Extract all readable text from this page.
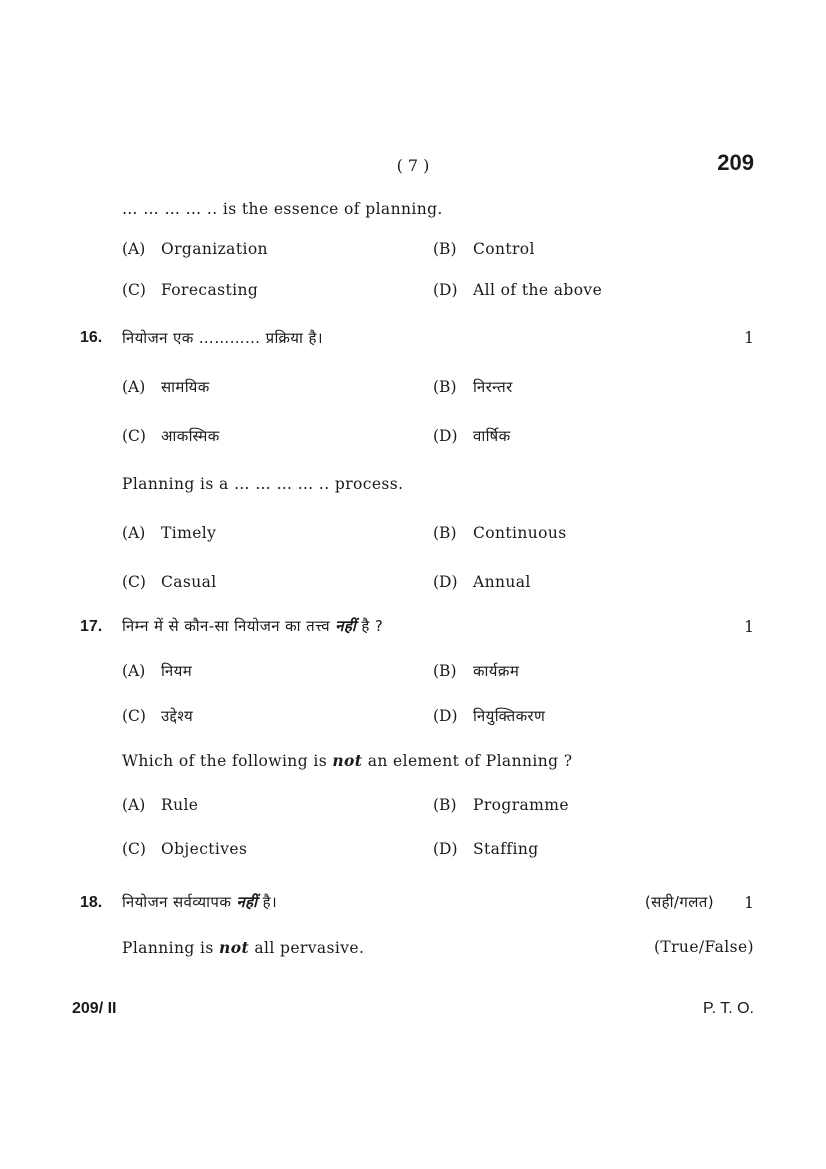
( 7 )	209
… … … … .. is the essence of planning.
(A) Organization	(B) Control
(C) Forecasting	(D) All of the above
16. नियोजन एक ………… प्रक्रिया है।	1
(A) सामयिक	(B) निरन्तर
(C) आकस्मिक	(D) वार्षिक
Planning is a … … … … .. process.
(A) Timely	(B) Continuous
(C) Casual	(D) Annual
17. निम्न में से कौन-सा नियोजन का तत्त्व नहीं है ?	1
(A) नियम	(B) कार्यक्रम
(C) उद्देश्य	(D) नियुक्तिकरण
Which of the following is not an element of Planning ?
(A) Rule	(B) Programme
(C) Objectives	(D) Staffing
18. नियोजन सर्वव्यापक नहीं है।	(सही/गलत) 1
Planning is not all pervasive.	(True/False)
209/ II	P. T. O.
